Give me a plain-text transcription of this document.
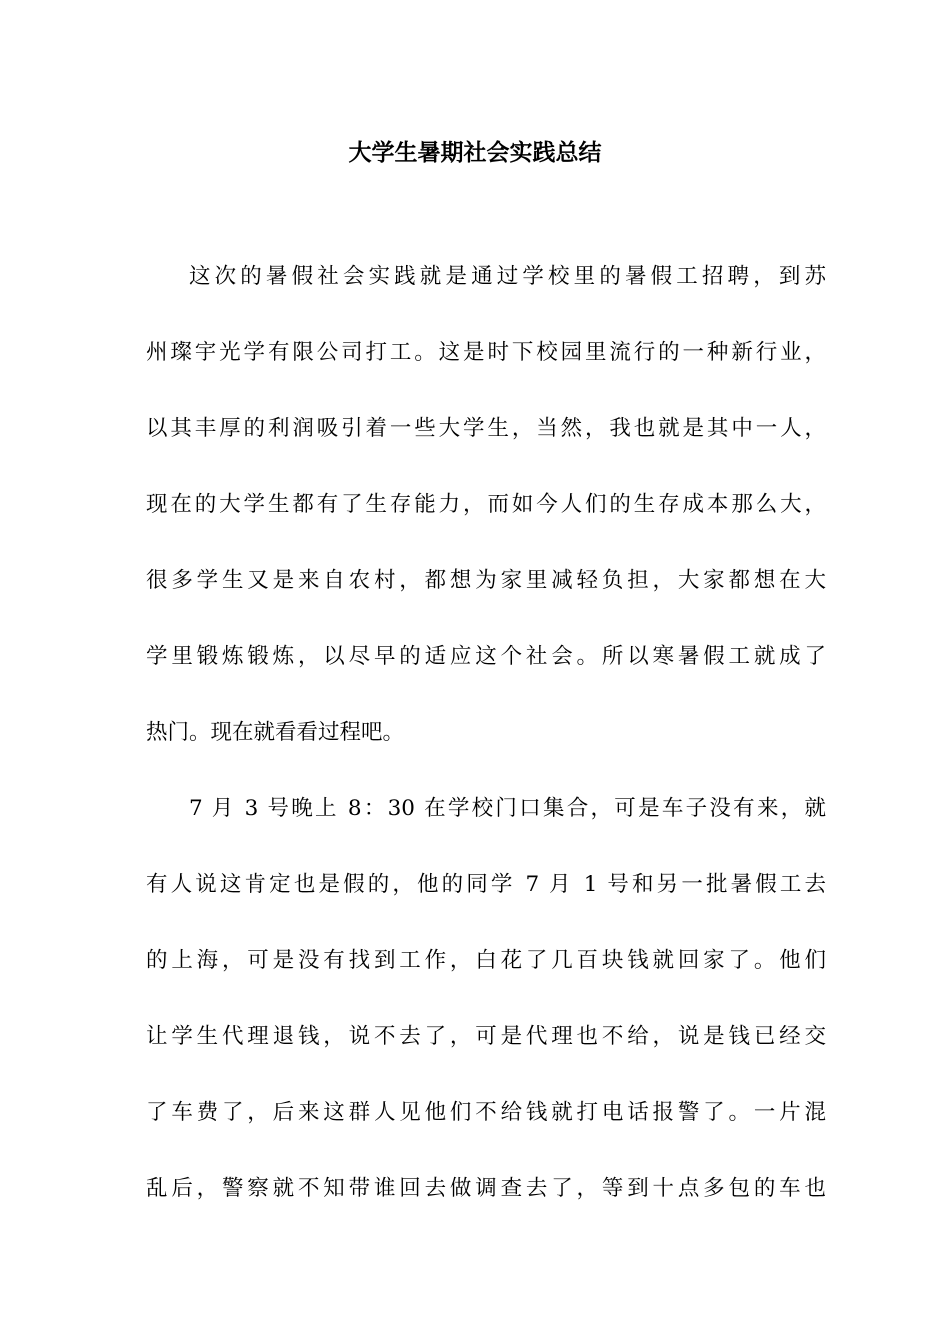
大学生暑期社会实践总结
这次的暑假社会实践就是通过学校里的暑假工招聘，到苏
州璨宇光学有限公司打工。这是时下校园里流行的一种新行业，
以其丰厚的利润吸引着一些大学生，当然，我也就是其中一人，
现在的大学生都有了生存能力，而如今人们的生存成本那么大，
很多学生又是来自农村，都想为家里减轻负担，大家都想在大
学里锻炼锻炼，以尽早的适应这个社会。所以寒暑假工就成了
热门。现在就看看过程吧。
7 月 3 号晚上 8：30 在学校门口集合，可是车子没有来，就
有人说这肯定也是假的，他的同学 7 月 1 号和另一批暑假工去
的上海，可是没有找到工作，白花了几百块钱就回家了。他们
让学生代理退钱，说不去了，可是代理也不给，说是钱已经交
了车费了，后来这群人见他们不给钱就打电话报警了。一片混
乱后，警察就不知带谁回去做调查去了，等到十点多包的车也
